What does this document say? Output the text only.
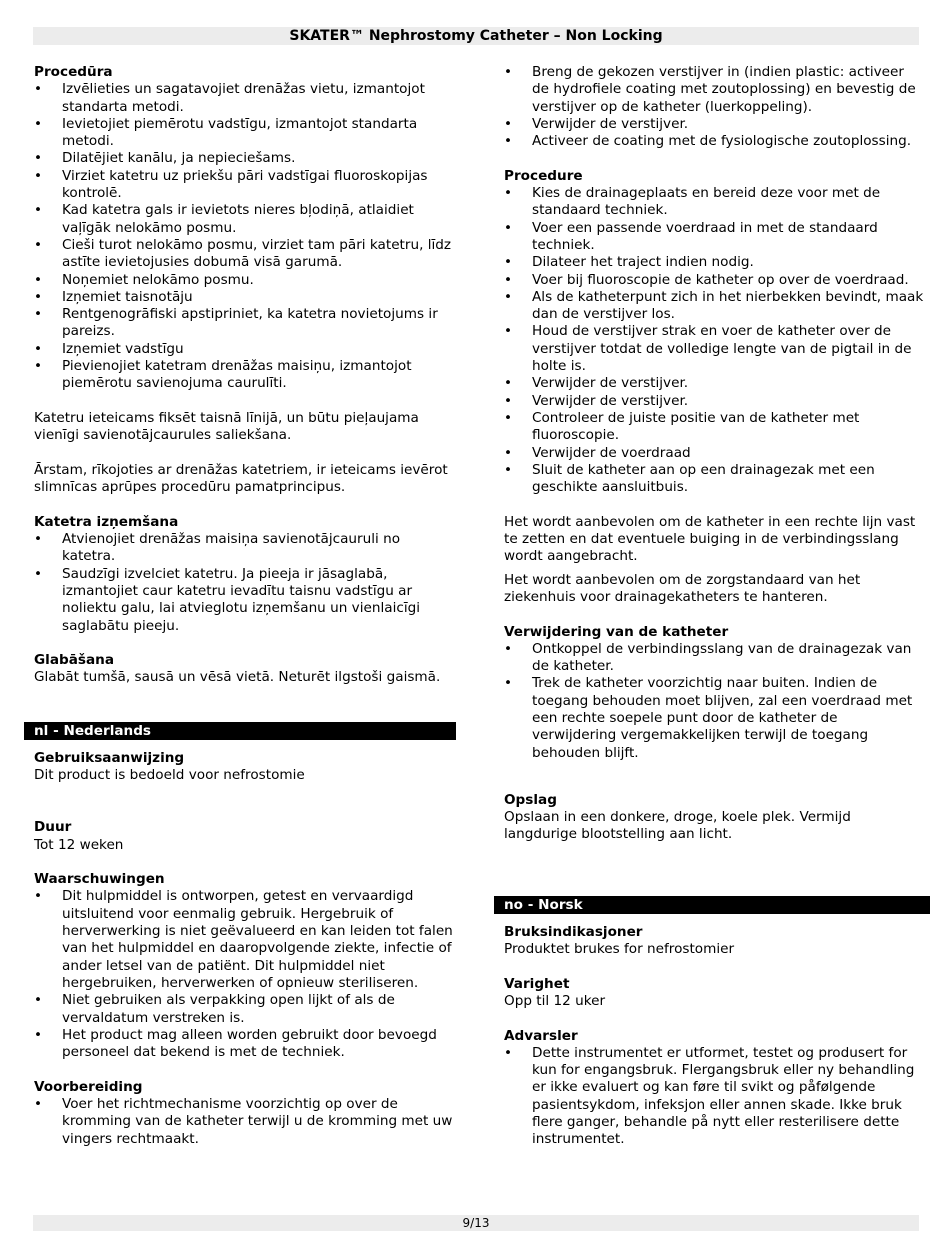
SKATER™ Nephrostomy Catheter – Non Locking

Procedūra

• Izvēlieties un sagatavojiet drenāžas vietu, izmantojot standarta metodi.
• Ievietojiet piemērotu vadstīgu, izmantojot standarta metodi.
• Dilatējiet kanālu, ja nepieciešams.
• Virziet katetru uz priekšu pāri vadstīgai fluoroskopijas kontrolē.
• Kad katetra gals ir ievietots nieres bļodiņā, atlaidiet vaļīgāk nelokāmo posmu.
• Cieši turot nelokāmo posmu, virziet tam pāri katetru, līdz astīte ievietojusies dobumā visā garumā.
• Noņemiet nelokāmo posmu.
• Izņemiet taisnotāju
• Rentgenogrāfiski apstipriniet, ka katetra novietojums ir pareizs.
• Izņemiet vadstīgu
• Pievienojiet katetram drenāžas maisiņu, izmantojot piemērotu savienojuma caurulīti.

Katetru ieteicams fiksēt taisnā līnijā, un būtu pieļaujama vienīgi savienotājcaurules saliekšana.

Ārstam, rīkojoties ar drenāžas katetriem, ir ieteicams ievērot slimnīcas aprūpes procedūru pamatprincipus.

Katetra izņemšana

• Atvienojiet drenāžas maisiņa savienotājcauruli no katetra.
• Saudzīgi izvelciet katetru. Ja pieeja ir jāsaglabā, izmantojiet caur katetru ievadītu taisnu vadstīgu ar noliektu galu, lai atvieglotu izņemšanu un vienlaicīgi saglabātu pieeju.

Glabāšana

Glabāt tumšā, sausā un vēsā vietā. Neturēt ilgstoši gaismā.

nl - Nederlands

Gebruiksaanwijzing

Dit product is bedoeld voor nefrostomie

Duur

Tot 12 weken

Waarschuwingen

• Dit hulpmiddel is ontworpen, getest en vervaardigd uitsluitend voor eenmalig gebruik. Hergebruik of herverwerking is niet geëvalueerd en kan leiden tot falen van het hulpmiddel en daaropvolgende ziekte, infectie of ander letsel van de patiënt. Dit hulpmiddel niet hergebruiken, herverwerken of opnieuw steriliseren.
• Niet gebruiken als verpakking open lijkt of als de vervaldatum verstreken is.
• Het product mag alleen worden gebruikt door bevoegd personeel dat bekend is met de techniek.

Voorbereiding

• Voer het richtmechanisme voorzichtig op over de kromming van de katheter terwijl u de kromming met uw vingers rechtmaakt.
• Breng de gekozen verstijver in (indien plastic: activeer de hydrofiele coating met zoutoplossing) en bevestig de verstijver op de katheter (luerkoppeling).
• Verwijder de verstijver.
• Activeer de coating met de fysiologische zoutoplossing.

Procedure

• Kies de drainageplaats en bereid deze voor met de standaard techniek.
• Voer een passende voerdraad in met de standaard techniek.
• Dilateer het traject indien nodig.
• Voer bij fluoroscopie de katheter op over de voerdraad.
• Als de katheterpunt zich in het nierbekken bevindt, maak dan de verstijver los.
• Houd de verstijver strak en voer de katheter over de verstijver totdat de volledige lengte van de pigtail in de holte is.
• Verwijder de verstijver.
• Verwijder de verstijver.
• Controleer de juiste positie van de katheter met fluoroscopie.
• Verwijder de voerdraad
• Sluit de katheter aan op een drainagezak met een geschikte aansluitbuis.

Het wordt aanbevolen om de katheter in een rechte lijn vast te zetten en dat eventuele buiging in de verbindingsslang wordt aangebracht.

Het wordt aanbevolen om de zorgstandaard van het ziekenhuis voor drainagekatheters te hanteren.

Verwijdering van de katheter

• Ontkoppel de verbindingsslang van de drainagezak van de katheter.
• Trek de katheter voorzichtig naar buiten. Indien de toegang behouden moet blijven, zal een voerdraad met een rechte soepele punt door de katheter de verwijdering vergemakkelijken terwijl de toegang behouden blijft.

Opslag

Opslaan in een donkere, droge, koele plek. Vermijd langdurige blootstelling aan licht.

no - Norsk

Bruksindikasjoner

Produktet brukes for nefrostomier

Varighet

Opp til 12 uker

Advarsler

• Dette instrumentet er utformet, testet og produsert for kun for engangsbruk. Flergangsbruk eller ny behandling er ikke evaluert og kan føre til svikt og påfølgende pasientsykdom, infeksjon eller annen skade. Ikke bruk flere ganger, behandle på nytt eller resterilisere dette instrumentet.
9/13
